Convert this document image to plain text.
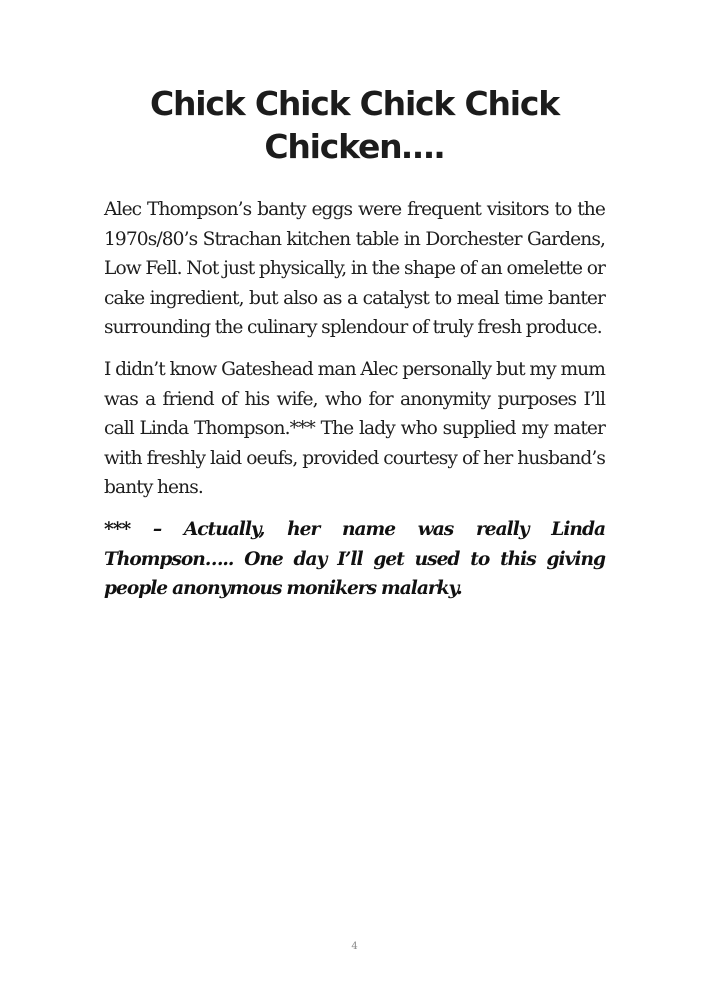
Chick Chick Chick Chick Chicken….

Alec Thompson’s banty eggs were frequent visitors to the 1970s/80’s Strachan kitchen table in Dorchester Gardens, Low Fell. Not just physically, in the shape of an omelette or cake ingredient, but also as a catalyst to meal time banter surrounding the culinary splendour of truly fresh produce.

I didn’t know Gateshead man Alec personally but my mum was a friend of his wife, who for anonymity purposes I’ll call Linda Thompson.*** The lady who supplied my mater with freshly laid oeufs, provided courtesy of her husband’s banty hens.

*** – Actually, her name was really Linda Thompson….. One day I’ll get used to this giving people anonymous monikers malarky.

4
